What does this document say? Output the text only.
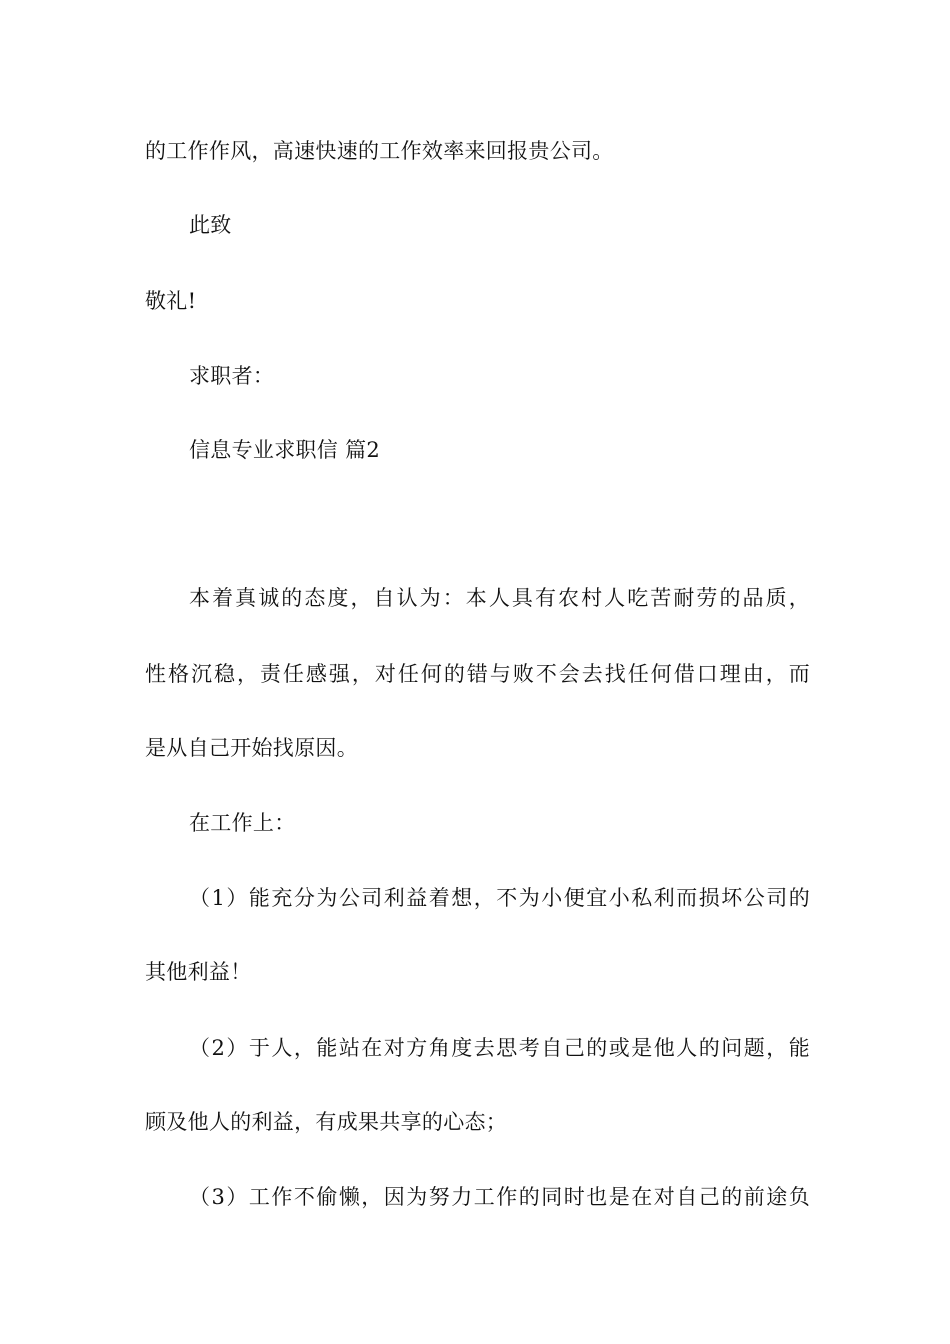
的工作作风，高速快速的工作效率来回报贵公司。
此致
敬礼!
求职者：
信息专业求职信 篇2
本着真诚的态度，自认为：本人具有农村人吃苦耐劳的品质，
性格沉稳，责任感强，对任何的错与败不会去找任何借口理由，而
是从自己开始找原因。
在工作上：
（1）能充分为公司利益着想，不为小便宜小私利而损坏公司的
其他利益！
（2）于人，能站在对方角度去思考自己的或是他人的问题，能
顾及他人的利益，有成果共享的心态；
（3）工作不偷懒，因为努力工作的同时也是在对自己的前途负
